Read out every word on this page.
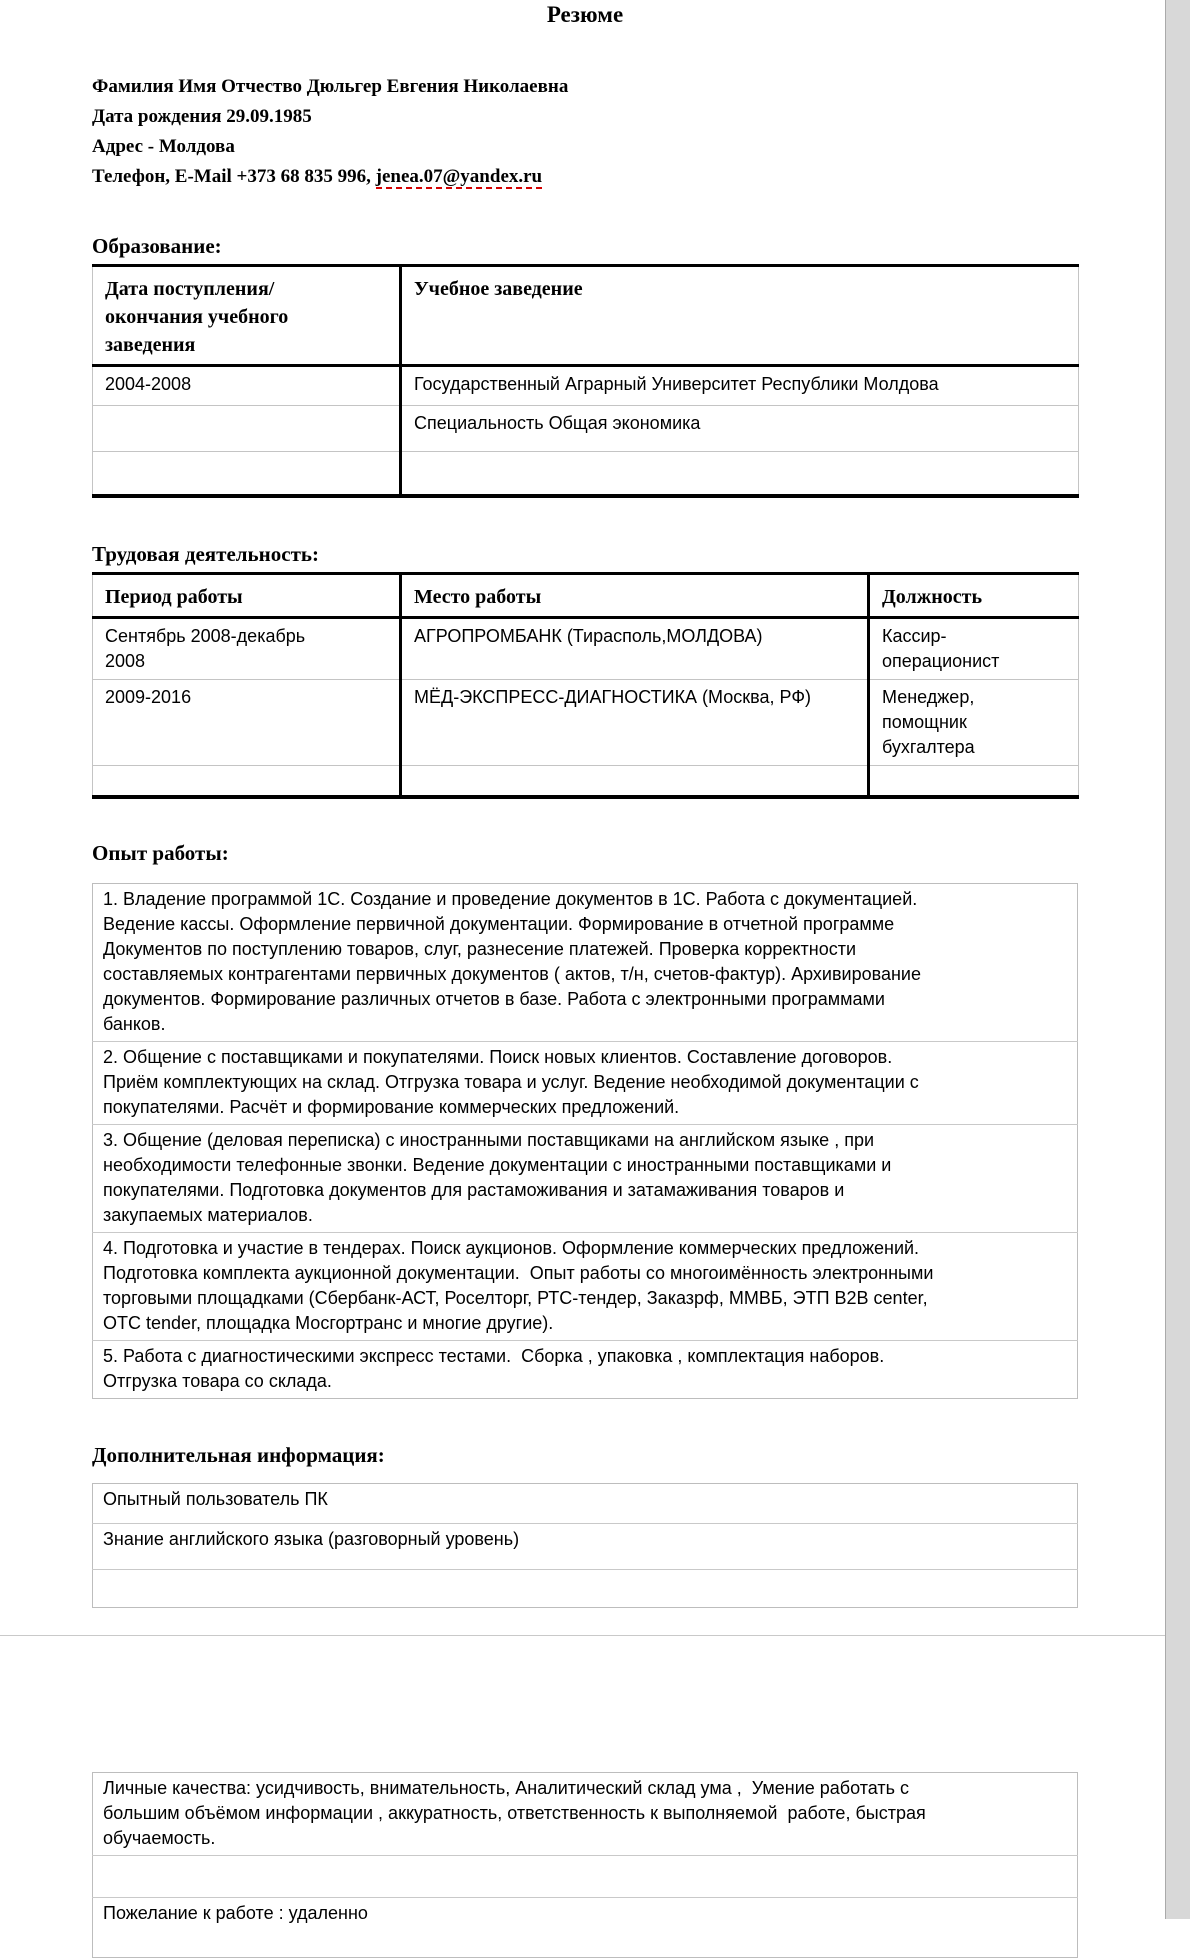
Резюме

Фамилия Имя Отчество Дюльгер Евгения Николаевна

Дата рождения 29.09.1985

Адрес - Молдова

Телефон, E-Mail +373 68 835 996, jenea.07@yandex.ru

Образование:
Дата поступления/ окончания учебного заведения	Учебное заведение

2004-2008	Государственный Аграрный Университет Республики Молдова
	Специальность Общая экономика

Трудовая деятельность:
Период работы	Место работы	Должность

Сентябрь 2008-декабрь 2008	АГРОПРОМБАНК (Тирасполь,МОЛДОВА)	Кассир-операционист

2009-2016	МЁД-ЭКСПРЕСС-ДИАГНОСТИКА (Москва, РФ)	Менеджер, помощник бухгалтера

Опыт работы:
1. Владение программой 1С. Создание и проведение документов в 1С. Работа с документацией. Ведение кассы. Оформление первичной документации. Формирование в отчетной программе Документов по поступлению товаров, слуг, разнесение платежей. Проверка корректности составляемых контрагентами первичных документов ( актов, т/н, счетов-фактур). Архивирование документов. Формирование различных отчетов в базе. Работа с электронными программами банков.

2. Общение с поставщиками и покупателями. Поиск новых клиентов. Составление договоров. Приём комплектующих на склад. Отгрузка товара и услуг. Ведение необходимой документации с покупателями. Расчёт и формирование коммерческих предложений.

3. Общение (деловая переписка) с иностранными поставщиками на английском языке , при необходимости телефонные звонки. Ведение документации с иностранными поставщиками и покупателями. Подготовка документов для растаможивания и затамаживания товаров и закупаемых материалов.

4. Подготовка и участие в тендерах. Поиск аукционов. Оформление коммерческих предложений. Подготовка комплекта аукционной документации.  Опыт работы со многоимённость электронными торговыми площадками (Сбербанк-АСТ, Роселторг, РТС-тендер, Заказрф, ММВБ, ЭТП B2B center, ОТС tender, площадка Мосгортранс и многие другие).

5. Работа с диагностическими экспресс тестами.  Сборка , упаковка , комплектация наборов. Отгрузка товара со склада.
Дополнительная информация:
Опытный пользователь ПК
Знание английского языка (разговорный уровень)

Личные качества: усидчивость, внимательность, Аналитический склад ума ,  Умение работать с большим объёмом информации , аккуратность, ответственность к выполняемой  работе, быстрая  обучаемость.

Пожелание к работе : удаленно
